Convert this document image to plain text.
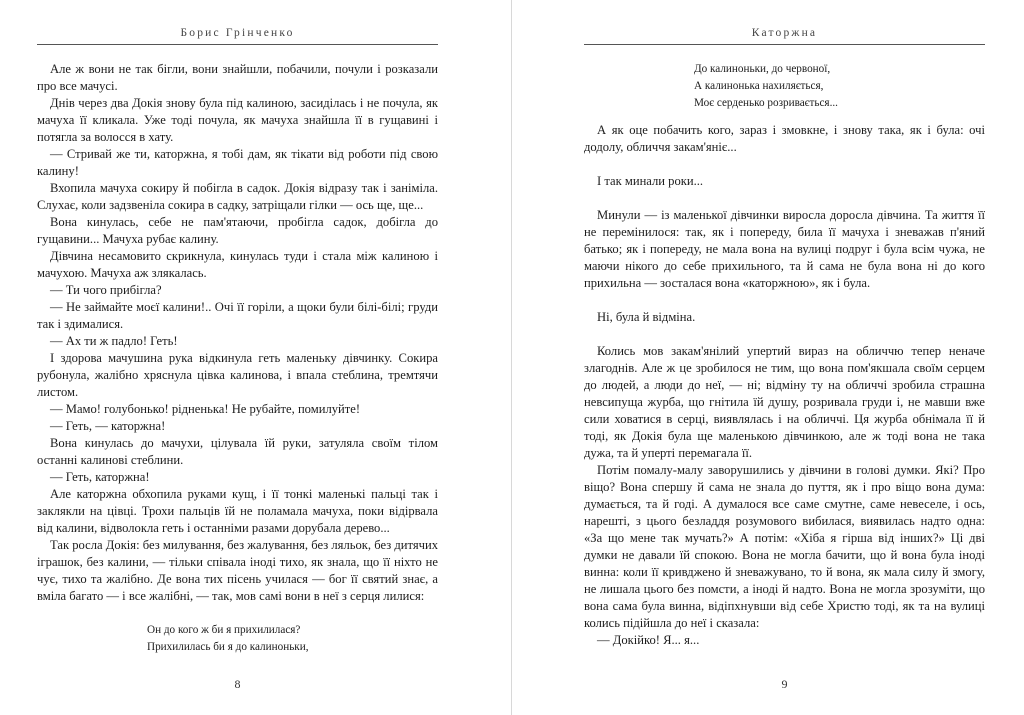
Борис Грінченко

Але ж вони не так бігли, вони знайшли, побачили, почули і розказали про все мачусі.

Днів через два Докія знову була під калиною, засиділась і не почула, як мачуха її кликала. Уже тоді почула, як мачуха знайшла її в гущавині і потягла за волосся в хату.

— Стривай же ти, каторжна, я тобі дам, як тікати від роботи під свою калину!

Вхопила мачуха сокиру й побігла в садок. Докія відразу так і заніміла. Слухає, коли задзвеніла сокира в садку, затріщали гілки — ось ще, ще...

Вона кинулась, себе не пам'ятаючи, пробігла садок, добігла до гущавини... Мачуха рубає калину.

Дівчина несамовито скрикнула, кинулась туди і стала між калиною і мачухою. Мачуха аж злякалась.

— Ти чого прибігла?

— Не займайте моєї калини!.. Очі її горіли, а щоки були білі-білі; груди так і здималися.

— Ах ти ж падло! Геть!

І здорова мачушина рука відкинула геть маленьку дівчинку. Сокира рубонула, жалібно хряснула цівка калинова, і впала стеблина, тремтячи листом.

— Мамо! голубонько! рідненька! Не рубайте, помилуйте!

— Геть, — каторжна!

Вона кинулась до мачухи, цілувала їй руки, затуляла своїм тілом останні калинові стеблини.

— Геть, каторжна!

Але каторжна обхопила руками кущ, і її тонкі маленькі пальці так і заклякли на цівці. Трохи пальців їй не поламала мачуха, поки відірвала від калини, відволокла геть і останніми разами дорубала дерево...

Так росла Докія: без милування, без жалування, без ляльок, без дитячих іграшок, без калини, — тільки співала іноді тихо, як знала, що її ніхто не чує, тихо та жалібно. Де вона тих пісень училася — бог її святий знає, а вміла багато — і все жалібні, — так, мов самі вони в неї з серця лилися:

Он до кого ж би я прихилилася?
Прихилилась би я до калиноньки,
8
Каторжна
До калиноньки, до червоної,
А калинонька нахиляється,
Моє серденько розривається...

А як оце побачить кого, зараз і змовкне, і знову така, як і була: очі додолу, обличчя закам'яніє...

І так минали роки...

Минули — із маленької дівчинки виросла доросла дівчина. Та життя її не перемінилося: так, як і попереду, била її мачуха і зневажав п'яний батько; як і попереду, не мала вона на вулиці подруг і була всім чужа, не маючи нікого до себе прихильного, та й сама не була вона ні до кого прихильна — зосталася вона «каторжною», як і була.

Ні, була й відміна.

Колись мов закам'янілий упертий вираз на обличчю тепер неначе злагоднів. Але ж це зробилося не тим, що вона пом'якшала своїм серцем до людей, а люди до неї, — ні; відміну ту на обличчі зробила страшна невсипуща журба, що гнітила їй душу, розривала груди і, не мавши вже сили ховатися в серці, виявлялась і на обличчі. Ця журба обнімала її й тоді, як Докія була ще маленькою дівчинкою, але ж тоді вона не така дужа, та й уперті перемагала її.

Потім помалу-малу заворушились у дівчини в голові думки. Які? Про віщо? Вона спершу й сама не знала до пуття, як і про віщо вона дума: думається, та й годі. А думалося все саме смутне, саме невеселе, і ось, нарешті, з цього безладдя розумового вибилася, виявилась надто одна: «За що мене так мучать?» А потім: «Хіба я гірша від інших?» Ці дві думки не давали їй спокою. Вона не могла бачити, що й вона була іноді винна: коли її кривджено й зневажувано, то й вона, як мала силу й змогу, не лишала цього без помсти, а іноді й надто. Вона не могла зрозуміти, що вона сама була винна, відіпхнувши від себе Христю тоді, як та на вулиці колись підійшла до неї і сказала:

— Докійко! Я... я...

9
